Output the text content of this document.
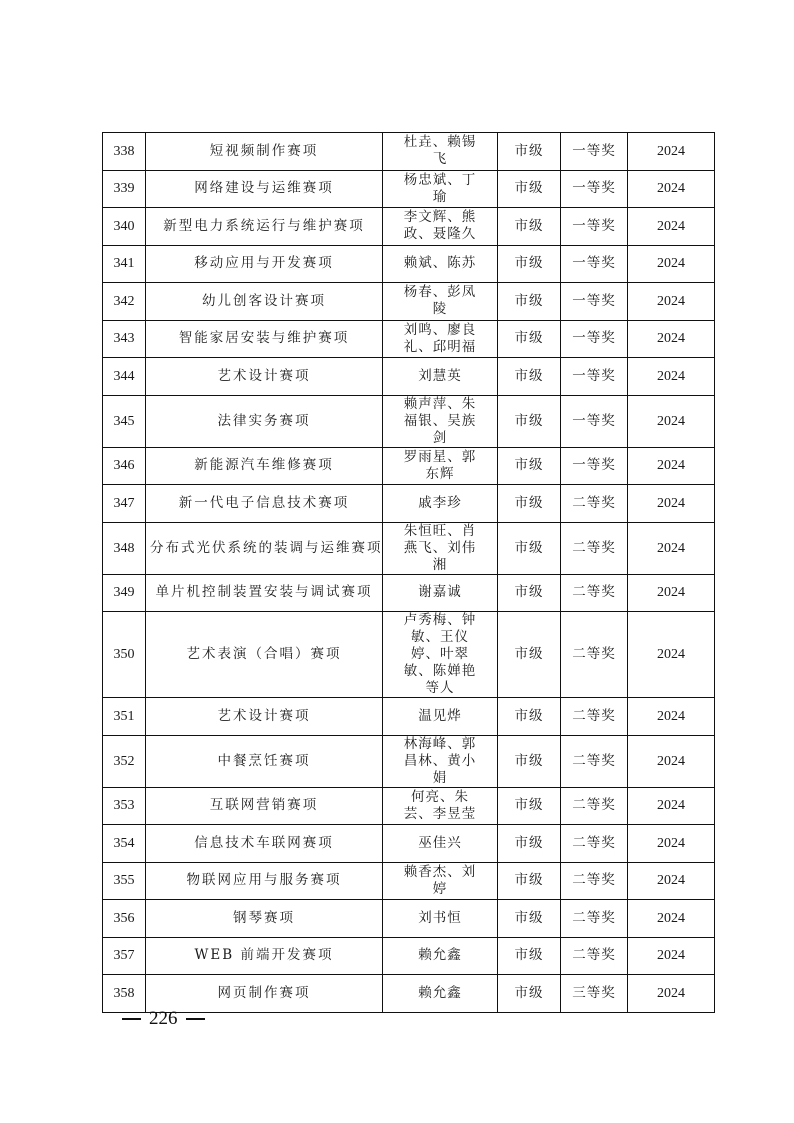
338	短视频制作赛项	杜垚、赖锡飞	市级	一等奖	2024
339	网络建设与运维赛项	杨忠斌、丁瑜	市级	一等奖	2024
340	新型电力系统运行与维护赛项	李文辉、熊政、聂隆久	市级	一等奖	2024
341	移动应用与开发赛项	赖斌、陈苏	市级	一等奖	2024
342	幼儿创客设计赛项	杨春、彭凤陵	市级	一等奖	2024
343	智能家居安装与维护赛项	刘鸣、廖良礼、邱明福	市级	一等奖	2024
344	艺术设计赛项	刘慧英	市级	一等奖	2024
345	法律实务赛项	赖声萍、朱福银、吴族剑	市级	一等奖	2024
346	新能源汽车维修赛项	罗雨星、郭东辉	市级	一等奖	2024
347	新一代电子信息技术赛项	戚李珍	市级	二等奖	2024
348	分布式光伏系统的装调与运维赛项	朱恒旺、肖燕飞、刘伟湘	市级	二等奖	2024
349	单片机控制装置安装与调试赛项	谢嘉诚	市级	二等奖	2024
350	艺术表演（合唱）赛项	卢秀梅、钟敏、王仪婷、叶翠敏、陈婵艳等人	市级	二等奖	2024
351	艺术设计赛项	温见烨	市级	二等奖	2024
352	中餐烹饪赛项	林海峰、郭昌林、黄小娟	市级	二等奖	2024
353	互联网营销赛项	何亮、朱芸、李昱莹	市级	二等奖	2024
354	信息技术车联网赛项	巫佳兴	市级	二等奖	2024
355	物联网应用与服务赛项	赖香杰、刘婷	市级	二等奖	2024
356	钢琴赛项	刘书恒	市级	二等奖	2024
357	WEB 前端开发赛项	赖允鑫	市级	二等奖	2024
358	网页制作赛项	赖允鑫	市级	三等奖	2024
226
